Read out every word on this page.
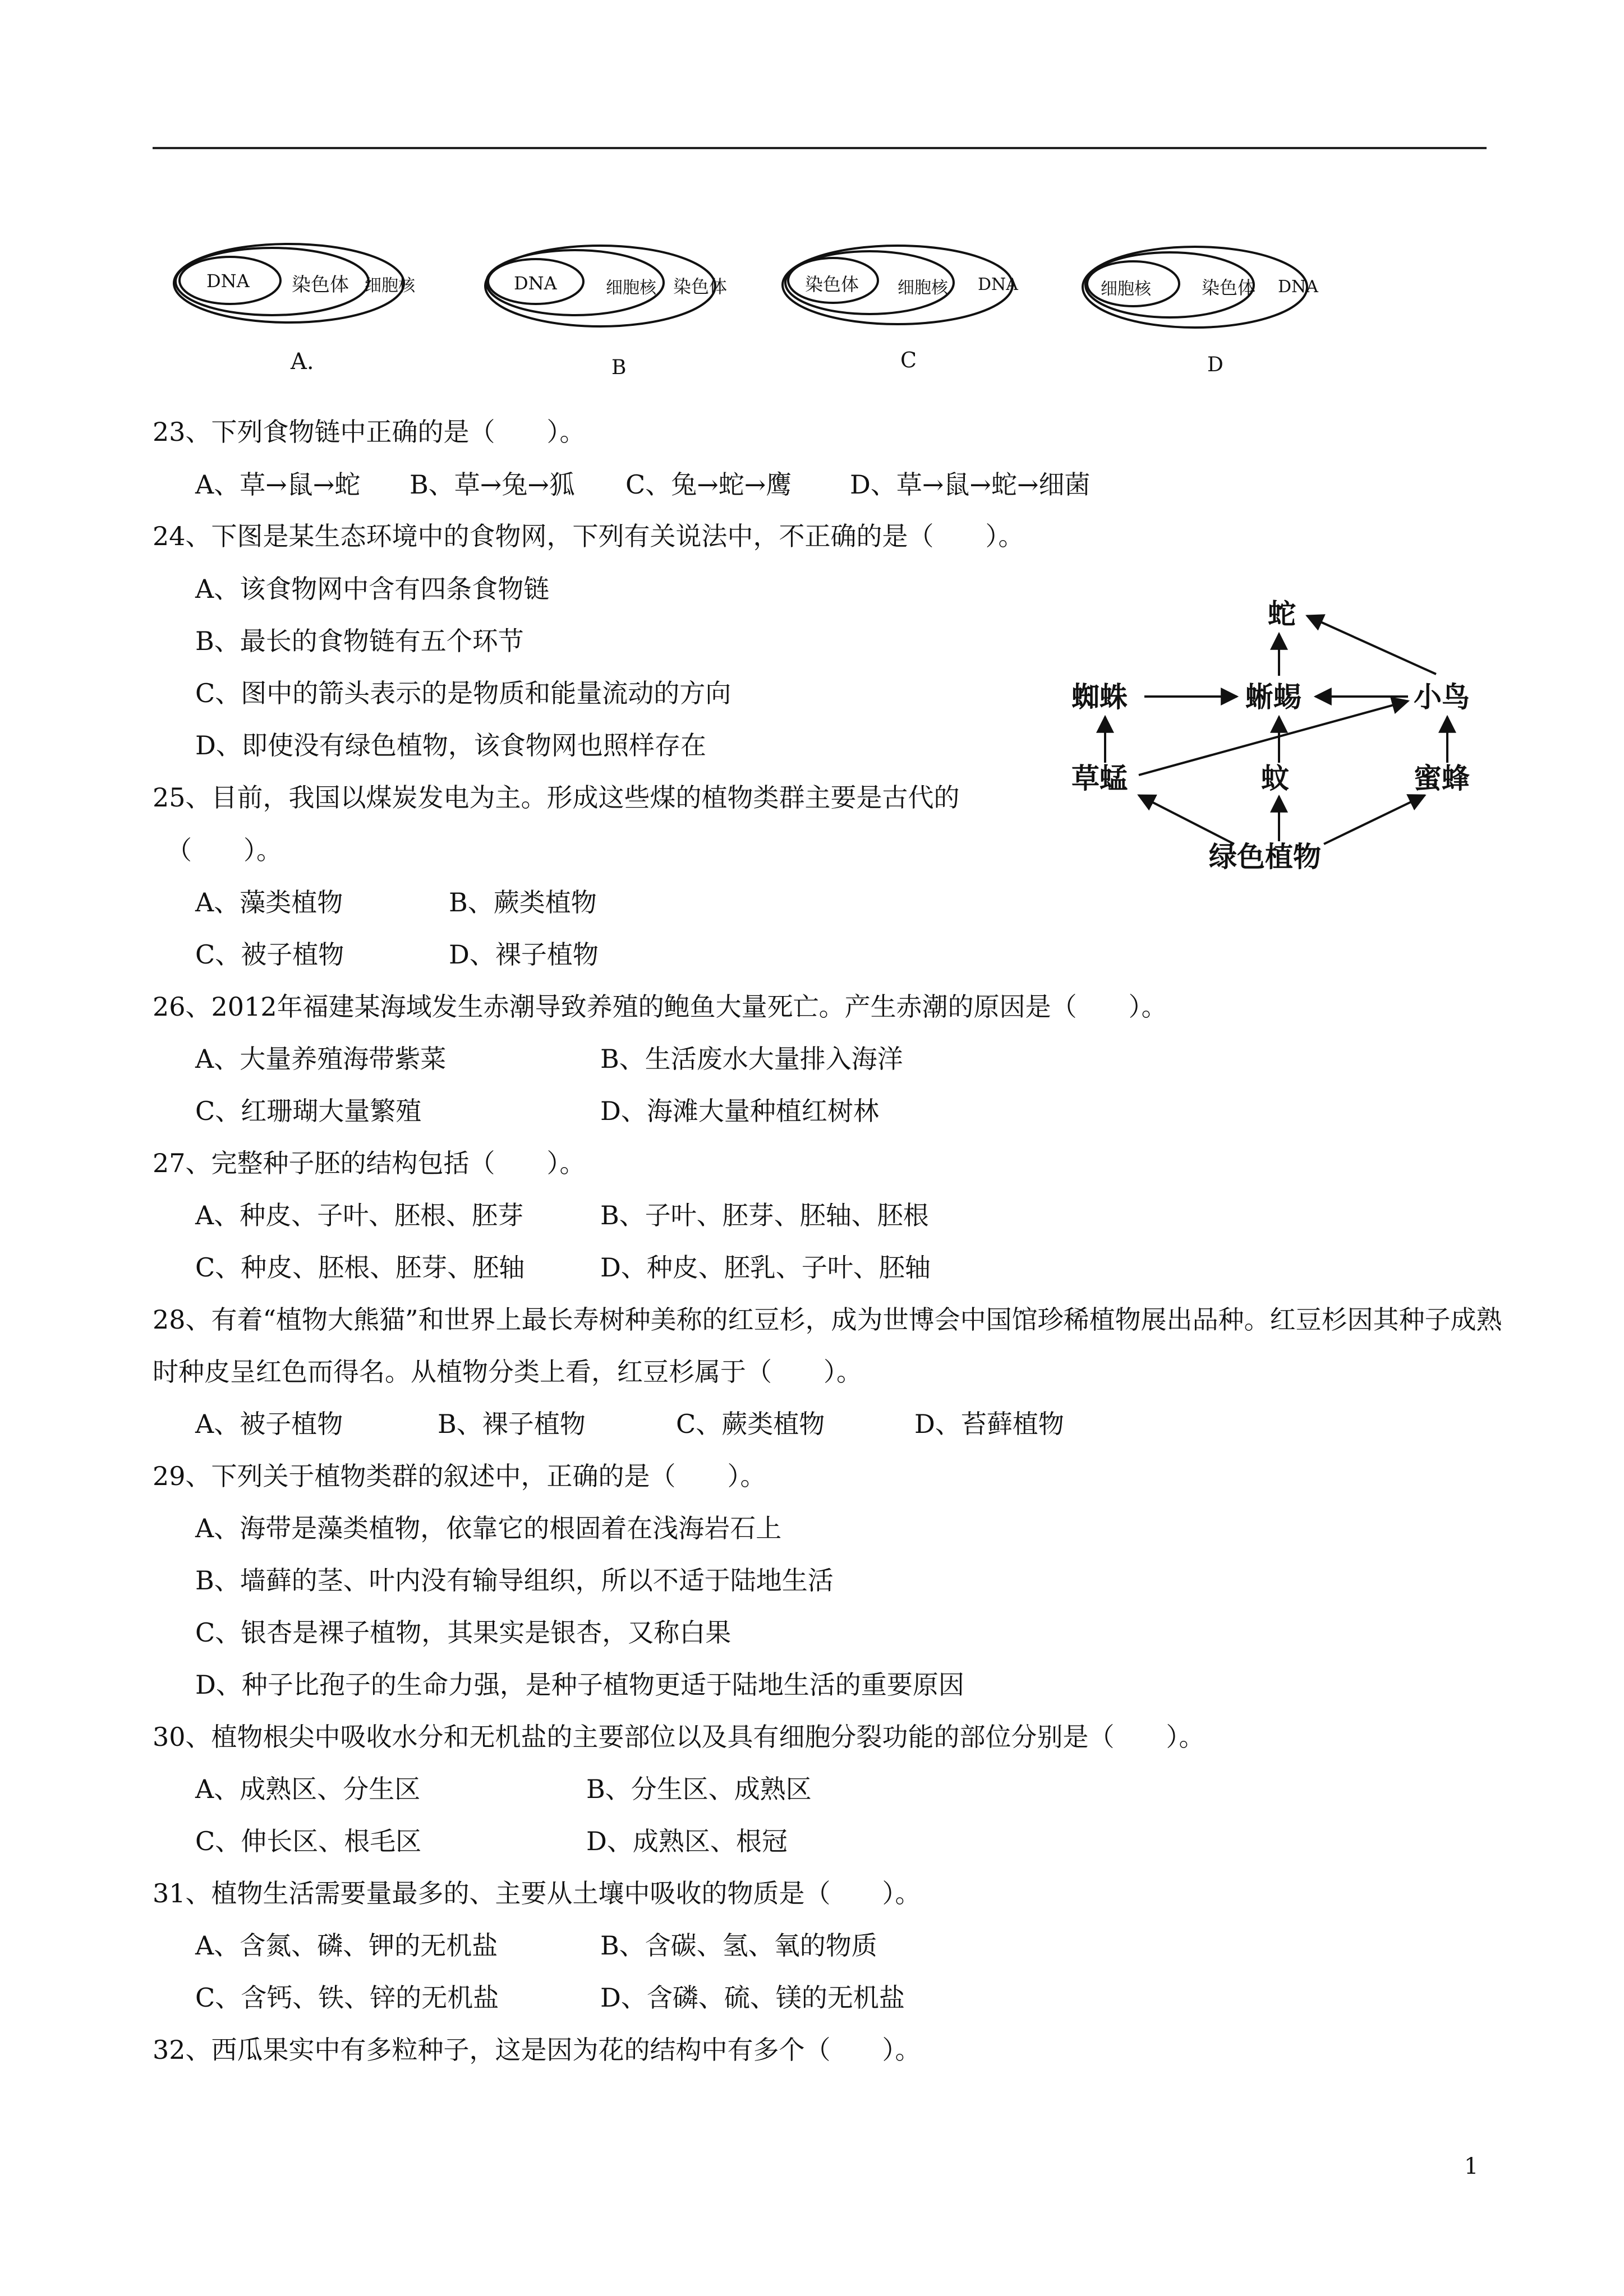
DNA 染色体 细胞核
A.
DNA	细胞核 染色体
B
染色体 细胞核 DNA
C
细胞核	染色体 DNA
D
23、下列食物链中正确的是（　　）。
A、草→鼠→蛇 B、草→兔→狐 C、兔→蛇→鹰 D、草→鼠→蛇→细菌
24、下图是某生态环境中的食物网，下列有关说法中，不正确的是（　　）。
A、该食物网中含有四条食物链
B、最长的食物链有五个环节
C、图中的箭头表示的是物质和能量流动的方向
D、即使没有绿色植物，该食物网也照样存在
蛇
蜘蛛	蜥蜴	小鸟
草蜢	蚊	蜜蜂
绿色植物
25、目前，我国以煤炭发电为主。形成这些煤的植物类群主要是古代的
（　　）。
A、藻类植物	B、蕨类植物
C、被子植物	D、裸子植物
26、2012年福建某海域发生赤潮导致养殖的鲍鱼大量死亡。产生赤潮的原因是（　　）。
A、大量养殖海带紫菜	B、生活废水大量排入海洋
C、红珊瑚大量繁殖	D、海滩大量种植红树林
27、完整种子胚的结构包括（　　）。
A、种皮、子叶、胚根、胚芽	B、子叶、胚芽、胚轴、胚根
C、种皮、胚根、胚芽、胚轴	D、种皮、胚乳、子叶、胚轴
28、有着“植物大熊猫”和世界上最长寿树种美称的红豆杉，成为世博会中国馆珍稀植物展出品种。红豆杉因其种子成熟
时种皮呈红色而得名。从植物分类上看，红豆杉属于（　　）。
A、被子植物	B、裸子植物	C、蕨类植物	D、苔藓植物
29、下列关于植物类群的叙述中，正确的是（　　）。
A、海带是藻类植物，依靠它的根固着在浅海岩石上
B、墙藓的茎、叶内没有输导组织，所以不适于陆地生活
C、银杏是裸子植物，其果实是银杏，又称白果
D、种子比孢子的生命力强，是种子植物更适于陆地生活的重要原因
30、植物根尖中吸收水分和无机盐的主要部位以及具有细胞分裂功能的部位分别是（　　）。
A、成熟区、分生区	B、分生区、成熟区
C、伸长区、根毛区	D、成熟区、根冠
31、植物生活需要量最多的、主要从土壤中吸收的物质是（　　）。
A、含氮、磷、钾的无机盐	B、含碳、氢、氧的物质
C、含钙、铁、锌的无机盐	D、含磷、硫、镁的无机盐
32、西瓜果实中有多粒种子，这是因为花的结构中有多个（　　）。
1
